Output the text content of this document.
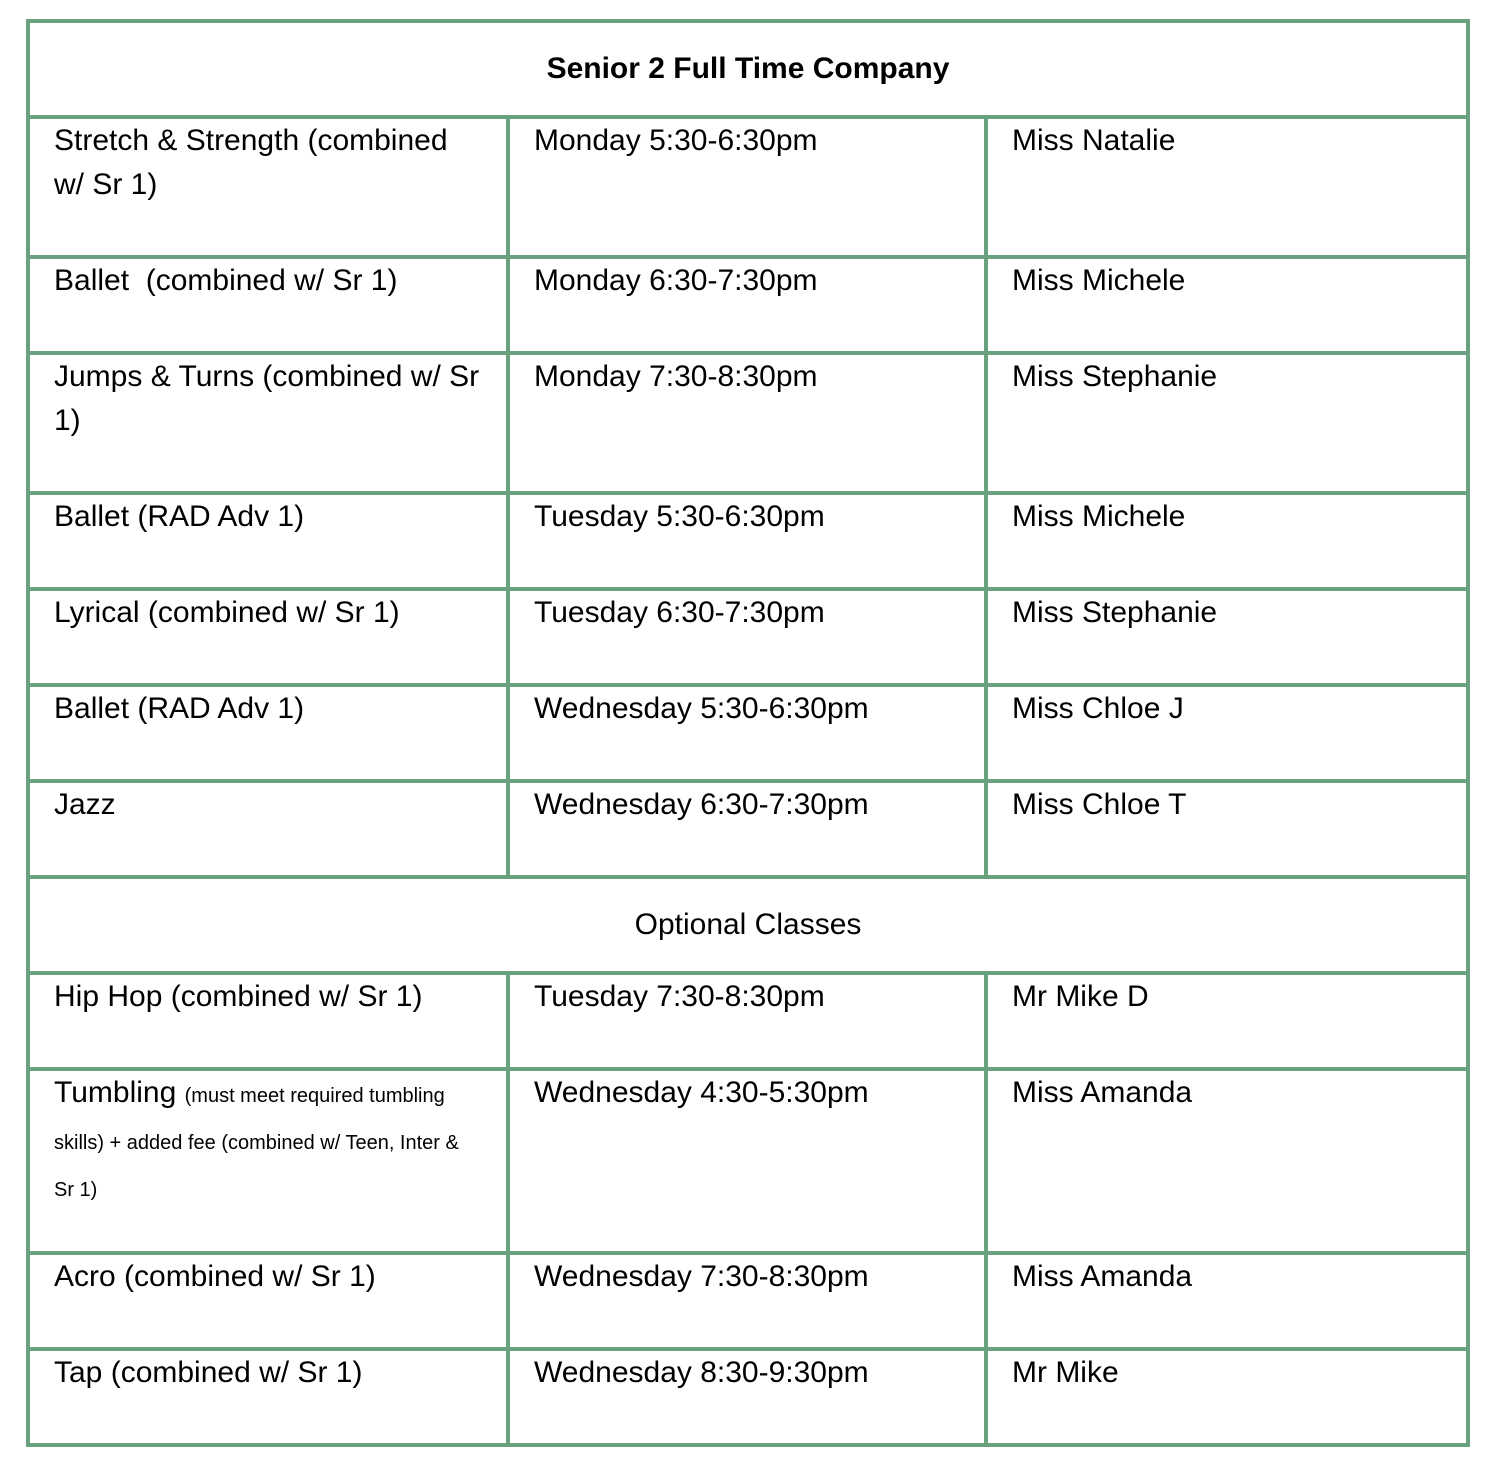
Senior 2 Full Time Company		
Stretch & Strength (combined w/ Sr 1)	Monday 5:30-6:30pm	Miss Natalie
Ballet  (combined w/ Sr 1)	Monday 6:30-7:30pm	Miss Michele
Jumps & Turns (combined w/ Sr 1)	Monday 7:30-8:30pm	Miss Stephanie
Ballet (RAD Adv 1)	Tuesday 5:30-6:30pm	Miss Michele
Lyrical (combined w/ Sr 1)	Tuesday 6:30-7:30pm	Miss Stephanie
Ballet (RAD Adv 1)	Wednesday 5:30-6:30pm	Miss Chloe J
Jazz	Wednesday 6:30-7:30pm	Miss Chloe T
Optional Classes		
Hip Hop (combined w/ Sr 1)	Tuesday 7:30-8:30pm	Mr Mike D
Tumbling (must meet required tumbling skills) + added fee (combined w/ Teen, Inter & Sr 1)	Wednesday 4:30-5:30pm	Miss Amanda
Acro (combined w/ Sr 1)	Wednesday 7:30-8:30pm	Miss Amanda
Tap (combined w/ Sr 1)	Wednesday 8:30-9:30pm	Mr Mike
